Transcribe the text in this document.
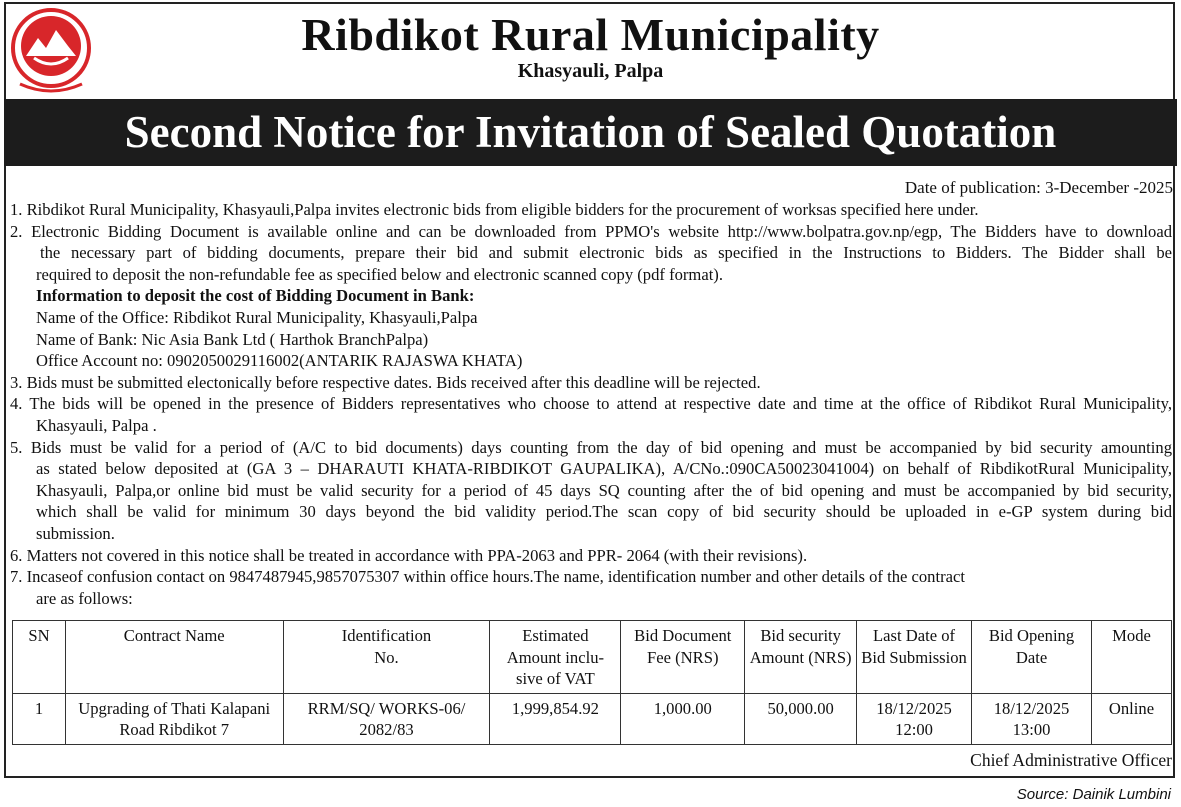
Ribdikot Rural Municipality
Khasyauli, Palpa
Second Notice for Invitation of Sealed Quotation
Date of publication: 3-December -2025
1. Ribdikot Rural Municipality, Khasyauli,Palpa invites electronic bids from eligible bidders for the procurement of worksas specified here under.
2. Electronic Bidding Document is available online and can be downloaded from PPMO's website http://www.bolpatra.gov.np/egp, The Bidders have to download
the necessary part of bidding documents, prepare their bid and submit electronic bids as specified in the Instructions to Bidders. The Bidder shall be
required to deposit the non-refundable fee as specified below and electronic scanned copy (pdf format).
Information to deposit the cost of Bidding Document in Bank:
Name of the Office: Ribdikot Rural Municipality, Khasyauli,Palpa
Name of Bank: Nic Asia Bank Ltd ( Harthok BranchPalpa)
Office Account no: 0902050029116002(ANTARIK RAJASWA KHATA)
3. Bids must be submitted electonically before respective dates. Bids received after this deadline will be rejected.
4. The bids will be opened in the presence of Bidders representatives who choose to attend at respective date and time at the office of Ribdikot Rural Municipality,
Khasyauli, Palpa .
5. Bids must be valid for a period of (A/C to bid documents) days counting from the day of bid opening and must be accompanied by bid security amounting
as stated below deposited at (GA 3 – DHARAUTI KHATA-RIBDIKOT GAUPALIKA), A/CNo.:090CA50023041004) on behalf of RibdikotRural Municipality,
Khasyauli, Palpa,or online bid must be valid security for a period of 45 days SQ counting after the of bid opening and must be accompanied by bid security,
which shall be valid for minimum 30 days beyond the bid validity period.The scan copy of bid security should be uploaded in e-GP system during bid
submission.
6. Matters not covered in this notice shall be treated in accordance with PPA-2063 and PPR- 2064 (with their revisions).
7. Incaseof confusion contact on 9847487945,9857075307 within office hours.The name, identification number and other details of the contract
are as follows:
SN	Contract Name	Identification No.	Estimated Amount inclu-sive of VAT	Bid Document Fee (NRS)	Bid security Amount (NRS)	Last Date of Bid Submission	Bid Opening Date	Mode
1	Upgrading of Thati Kalapani Road Ribdikot 7	RRM/SQ/ WORKS-06/ 2082/83	1,999,854.92	1,000.00	50,000.00	18/12/2025 12:00	18/12/2025 13:00	Online
Chief Administrative Officer
Source: Dainik Lumbini
